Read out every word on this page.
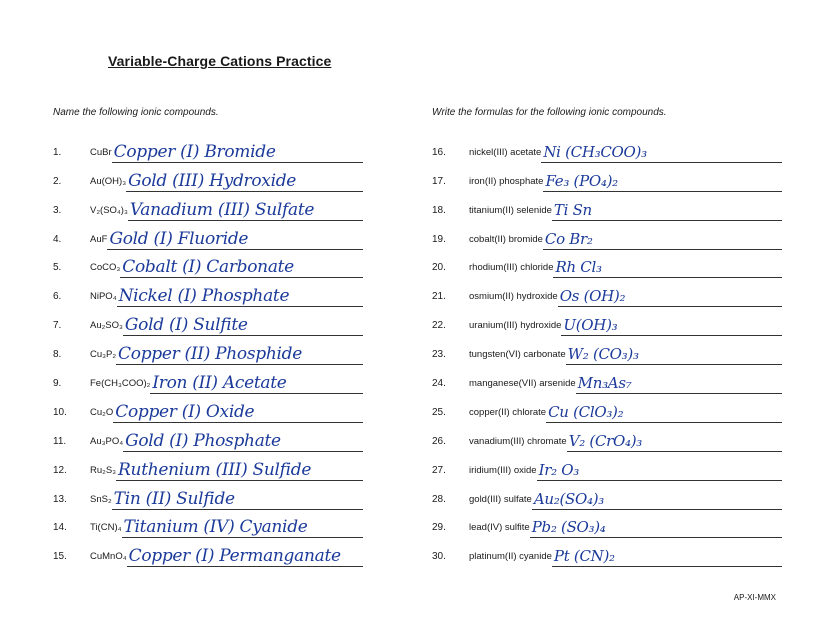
Variable-Charge Cations Practice
Name the following ionic compounds.	Write the formulas for the following ionic compounds.
1.	CuBr Copper (I) Bromide
2.	Au(OH)₃ Gold (III) Hydroxide
3.	V₂(SO₄)₃ Vanadium (III) Sulfate
4.	AuF Gold (I) Fluoride
5.	CoCO₃ Cobalt (I) Carbonate
6.	NiPO₄ Nickel (I) Phosphate
7.	Au₂SO₃ Gold (I) Sulfite
8.	Cu₃P₂ Copper (II) Phosphide
9.	Fe(CH₃COO)₂ Iron (II) Acetate
10.	Cu₂O Copper (I) Oxide
11.	Au₃PO₄ Gold (I) Phosphate
12.	Ru₂S₃ Ruthenium (III) Sulfide
13.	SnS₂ Tin (II) Sulfide
14.	Ti(CN)₄ Titanium (IV) Cyanide
15.	CuMnO₄ Copper (I) Permanganate
16.	nickel(III) acetate Ni (CH₃COO)₃
17.	iron(II) phosphate Fe₃ (PO₄)₂
18.	titanium(II) selenide Ti Sn
19.	cobalt(II) bromide Co Br₂
20.	rhodium(III) chloride Rh Cl₃
21.	osmium(II) hydroxide Os (OH)₂
22.	uranium(III) hydroxide U(OH)₃
23.	tungsten(VI) carbonate W₂ (CO₃)₃
24.	manganese(VII) arsenide Mn₃As₇
25.	copper(II) chlorate Cu (ClO₃)₂
26.	vanadium(III) chromate V₂ (CrO₄)₃
27.	iridium(III) oxide Ir₂ O₃
28.	gold(III) sulfate Au₂(SO₄)₃
29.	lead(IV) sulfite Pb₂ (SO₃)₄
30.	platinum(II) cyanide Pt (CN)₂
AP-XI-MMX
